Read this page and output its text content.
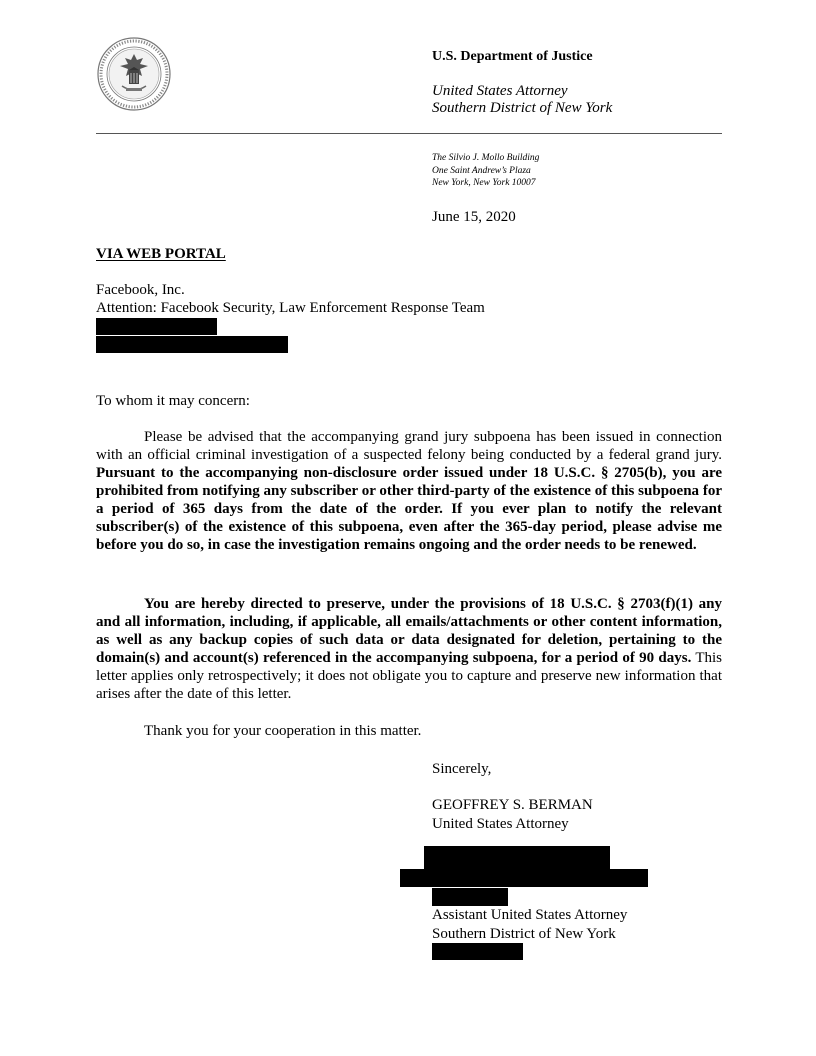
U.S. Department of Justice
United States Attorney
Southern District of New York
The Silvio J. Mollo Building
One Saint Andrew’s Plaza
New York, New York 10007
June 15, 2020
VIA WEB PORTAL
Facebook, Inc.
Attention: Facebook Security, Law Enforcement Response Team
To whom it may concern:

Please be advised that the accompanying grand jury subpoena has been issued in connection with an official criminal investigation of a suspected felony being conducted by a federal grand jury. Pursuant to the accompanying non-disclosure order issued under 18 U.S.C. § 2705(b), you are prohibited from notifying any subscriber or other third-party of the existence of this subpoena for a period of 365 days from the date of the order. If you ever plan to notify the relevant subscriber(s) of the existence of this subpoena, even after the 365-day period, please advise me before you do so, in case the investigation remains ongoing and the order needs to be renewed.

You are hereby directed to preserve, under the provisions of 18 U.S.C. § 2703(f)(1) any and all information, including, if applicable, all emails/attachments or other content information, as well as any backup copies of such data or data designated for deletion, pertaining to the domain(s) and account(s) referenced in the accompanying subpoena, for a period of 90 days. This letter applies only retrospectively; it does not obligate you to capture and preserve new information that arises after the date of this letter.

Thank you for your cooperation in this matter.

Sincerely,
GEOFFREY S. BERMAN
United States Attorney
Assistant United States Attorney
Southern District of New York
